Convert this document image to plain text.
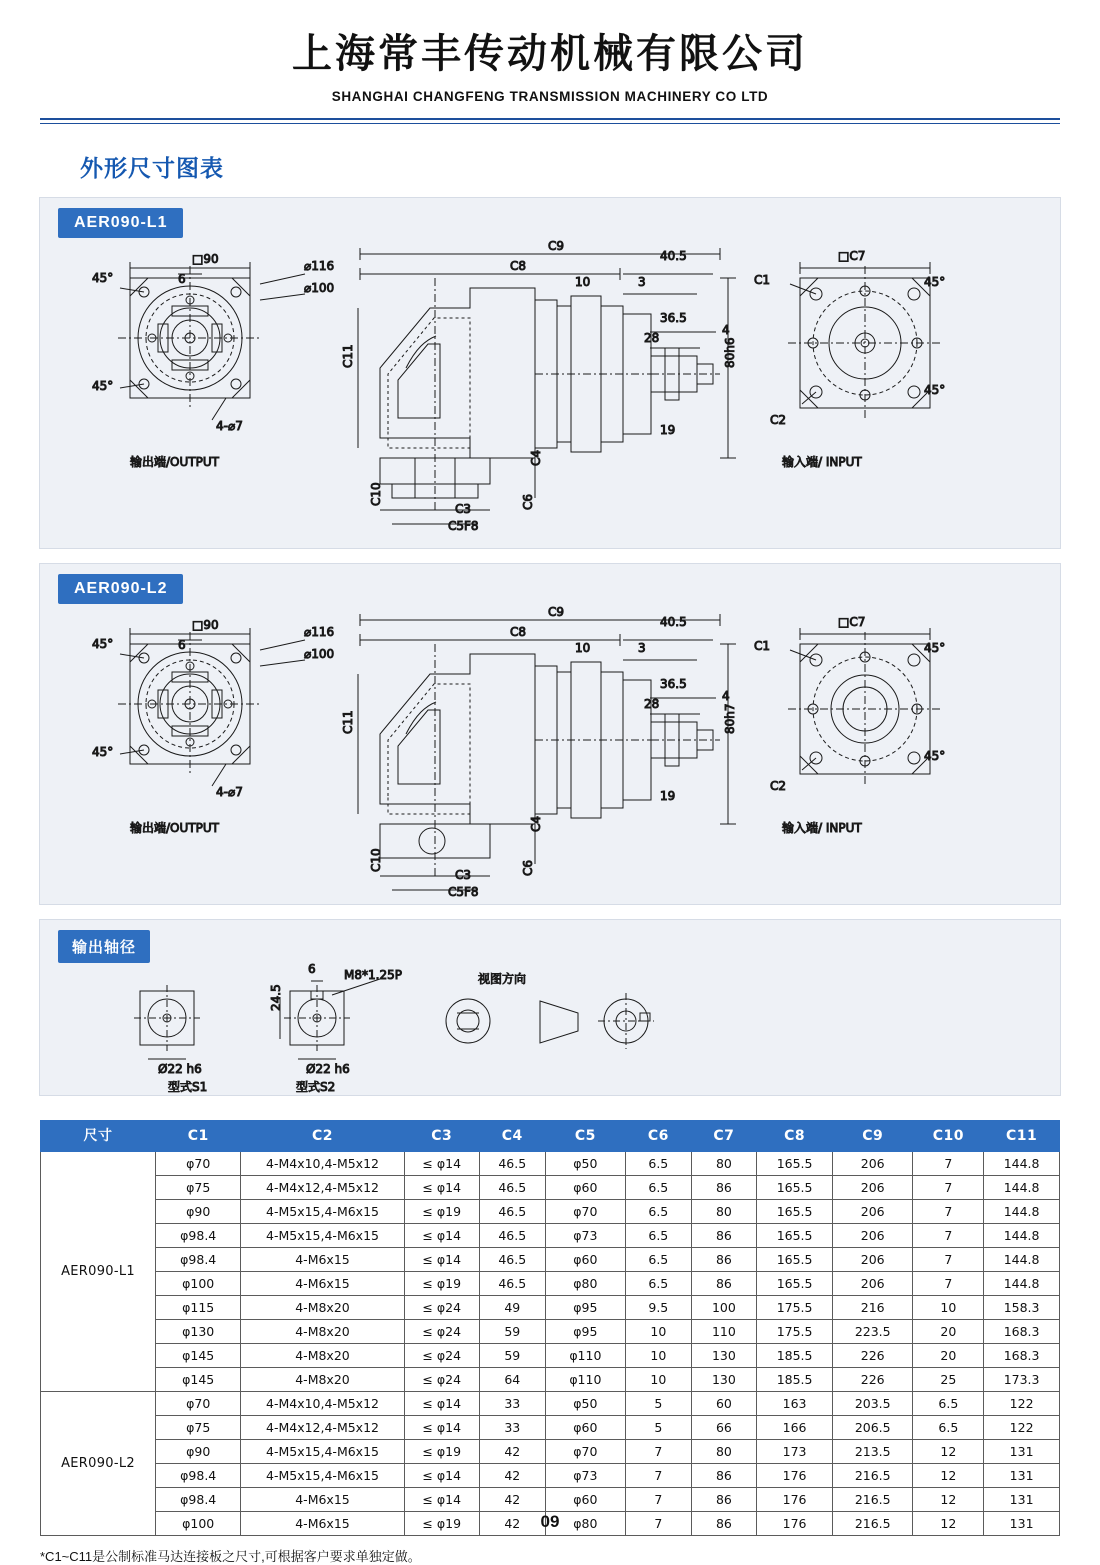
上海常丰传动机械有限公司
SHANGHAI CHANGFENG TRANSMISSION MACHINERY CO LTD
外形尺寸图表
AER090-L1
□90
6
⌀116
⌀100
45°
45°
4-⌀7
输出端/OUTPUT
C9
C8
40.5
10	3
36.5
28
4
19
80h6
C11
C4
C10
C3
C5F8
C6
□C7
C1
C2
45°
45°
输入端/ INPUT
AER090-L2
□90
6
⌀116
⌀100
45°
45°
4-⌀7
输出端/OUTPUT
C9
C8
40.5
10	3
36.5
28
4
19
80h7
C11
C4
C10
C3
C5F8
C6
□C7
C1
C2
45°
45°
输入端/ INPUT
输出轴径
Ø22 h6
型式S1
6
24.5
M8*1.25P
Ø22 h6
型式S2
视图方向
尺寸	C1	C2	C3	C4	C5	C6	C7	C8	C9	C10	C11
AER090-L1	φ70	4-M4x10,4-M5x12	≤ φ14	46.5	φ50	6.5	80	165.5	206	7	144.8
	φ75	4-M4x12,4-M5x12	≤ φ14	46.5	φ60	6.5	86	165.5	206	7	144.8
	φ90	4-M5x15,4-M6x15	≤ φ19	46.5	φ70	6.5	80	165.5	206	7	144.8
	φ98.4	4-M5x15,4-M6x15	≤ φ14	46.5	φ73	6.5	86	165.5	206	7	144.8
	φ98.4	4-M6x15	≤ φ14	46.5	φ60	6.5	86	165.5	206	7	144.8
	φ100	4-M6x15	≤ φ19	46.5	φ80	6.5	86	165.5	206	7	144.8
	φ115	4-M8x20	≤ φ24	49	φ95	9.5	100	175.5	216	10	158.3
	φ130	4-M8x20	≤ φ24	59	φ95	10	110	175.5	223.5	20	168.3
	φ145	4-M8x20	≤ φ24	59	φ110	10	130	185.5	226	20	168.3
	φ145	4-M8x20	≤ φ24	64	φ110	10	130	185.5	226	25	173.3
AER090-L2	φ70	4-M4x10,4-M5x12	≤ φ14	33	φ50	5	60	163	203.5	6.5	122
	φ75	4-M4x12,4-M5x12	≤ φ14	33	φ60	5	66	166	206.5	6.5	122
	φ90	4-M5x15,4-M6x15	≤ φ19	42	φ70	7	80	173	213.5	12	131
	φ98.4	4-M5x15,4-M6x15	≤ φ14	42	φ73	7	86	176	216.5	12	131
	φ98.4	4-M6x15	≤ φ14	42	φ60	7	86	176	216.5	12	131
	φ100	4-M6x15	≤ φ19	42	φ80	7	86	176	216.5	12	131
*C1~C11是公制标准马达连接板之尺寸,可根据客户要求单独定做。
09
